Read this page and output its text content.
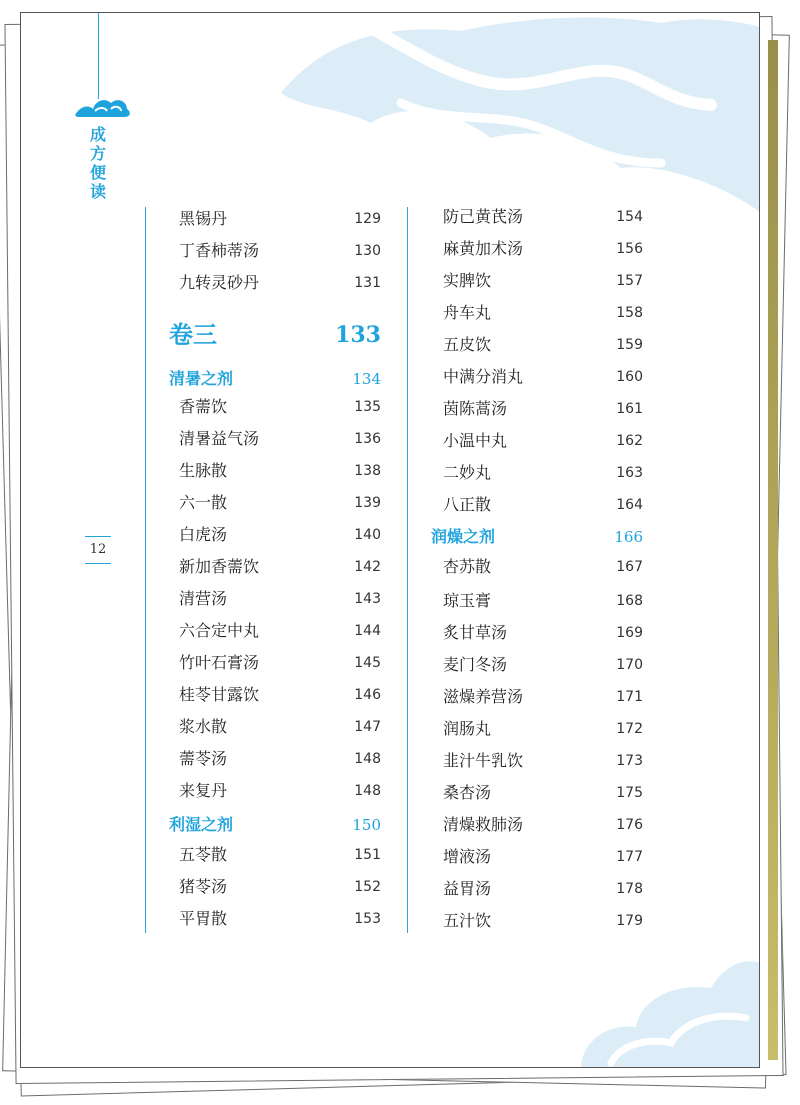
成方便读
12
黑锡丹	129
丁香柿蒂汤	130
九转灵砂丹	131
卷三	133
清暑之剂	134
香薷饮	135
清暑益气汤	136
生脉散	138
六一散	139
白虎汤	140
新加香薷饮	142
清营汤	143
六合定中丸	144
竹叶石膏汤	145
桂苓甘露饮	146
浆水散	147
薷苓汤	148
来复丹	148
利湿之剂	150
五苓散	151
猪苓汤	152
平胃散	153
防己黄芪汤	154
麻黄加术汤	156
实脾饮	157
舟车丸	158
五皮饮	159
中满分消丸	160
茵陈蒿汤	161
小温中丸	162
二妙丸	163
八正散	164
润燥之剂	166
杏苏散	167
琼玉膏	168
炙甘草汤	169
麦门冬汤	170
滋燥养营汤	171
润肠丸	172
韭汁牛乳饮	173
桑杏汤	175
清燥救肺汤	176
增液汤	177
益胃汤	178
五汁饮	179
